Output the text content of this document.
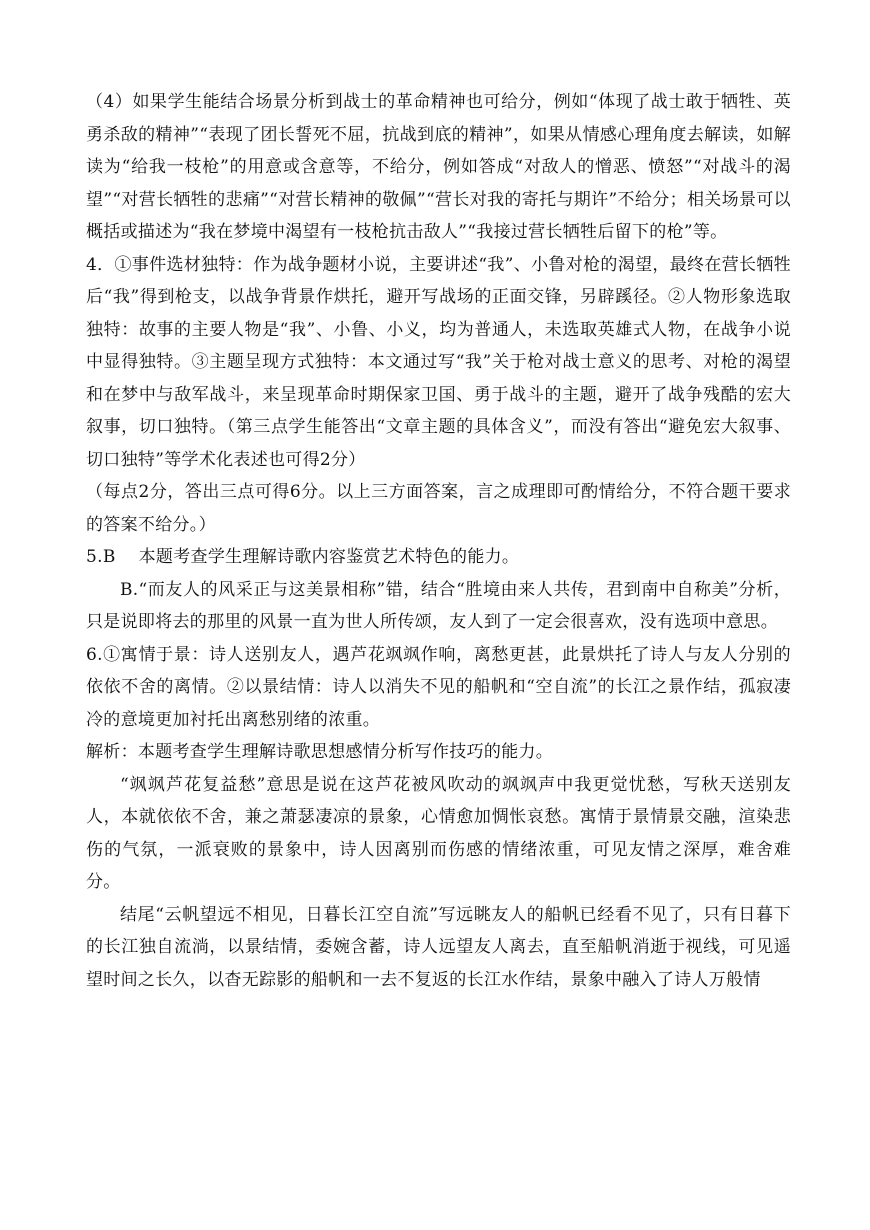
（4）如果学生能结合场景分析到战士的革命精神也可给分，例如“体现了战士敢于牺牲、英勇杀敌的精神”“表现了团长誓死不屈，抗战到底的精神”，如果从情感心理角度去解读，如解读为“给我一枝枪”的用意或含意等，不给分，例如答成“对敌人的憎恶、愤怒”“对战斗的渴望”“对营长牺牲的悲痛”“对营长精神的敬佩”“营长对我的寄托与期许”不给分；相关场景可以概括或描述为“我在梦境中渴望有一枝枪抗击敌人”“我接过营长牺牲后留下的枪”等。

4．①事件选材独特：作为战争题材小说，主要讲述“我”、小鲁对枪的渴望，最终在营长牺牲后“我”得到枪支，以战争背景作烘托，避开写战场的正面交锋，另辟蹊径。②人物形象选取独特：故事的主要人物是“我”、小鲁、小义，均为普通人，未选取英雄式人物，在战争小说中显得独特。③主题呈现方式独特：本文通过写“我”关于枪对战士意义的思考、对枪的渴望和在梦中与敌军战斗，来呈现革命时期保家卫国、勇于战斗的主题，避开了战争残酷的宏大叙事，切口独特。（第三点学生能答出“文章主题的具体含义”，而没有答出“避免宏大叙事、切口独特”等学术化表述也可得2分）

（每点2分，答出三点可得6分。以上三方面答案，言之成理即可酌情给分，不符合题干要求的答案不给分。）

5.B　 本题考查学生理解诗歌内容鉴赏艺术特色的能力。

B.“而友人的风采正与这美景相称”错，结合“胜境由来人共传，君到南中自称美”分析，只是说即将去的那里的风景一直为世人所传颂，友人到了一定会很喜欢，没有选项中意思。

6.①寓情于景：诗人送别友人，遇芦花飒飒作响，离愁更甚，此景烘托了诗人与友人分别的依依不舍的离情。②以景结情：诗人以消失不见的船帆和“空自流”的长江之景作结，孤寂凄冷的意境更加衬托出离愁别绪的浓重。

解析：本题考查学生理解诗歌思想感情分析写作技巧的能力。

“飒飒芦花复益愁”意思是说在这芦花被风吹动的飒飒声中我更觉忧愁，写秋天送别友人，本就依依不舍，兼之萧瑟凄凉的景象，心情愈加惆怅哀愁。寓情于景情景交融，渲染悲伤的气氛，一派衰败的景象中，诗人因离别而伤感的情绪浓重，可见友情之深厚，难舍难分。

结尾“云帆望远不相见，日暮长江空自流”写远眺友人的船帆已经看不见了，只有日暮下的长江独自流淌，以景结情，委婉含蓄，诗人远望友人离去，直至船帆消逝于视线，可见遥望时间之长久，以杳无踪影的船帆和一去不复返的长江水作结，景象中融入了诗人万般情
